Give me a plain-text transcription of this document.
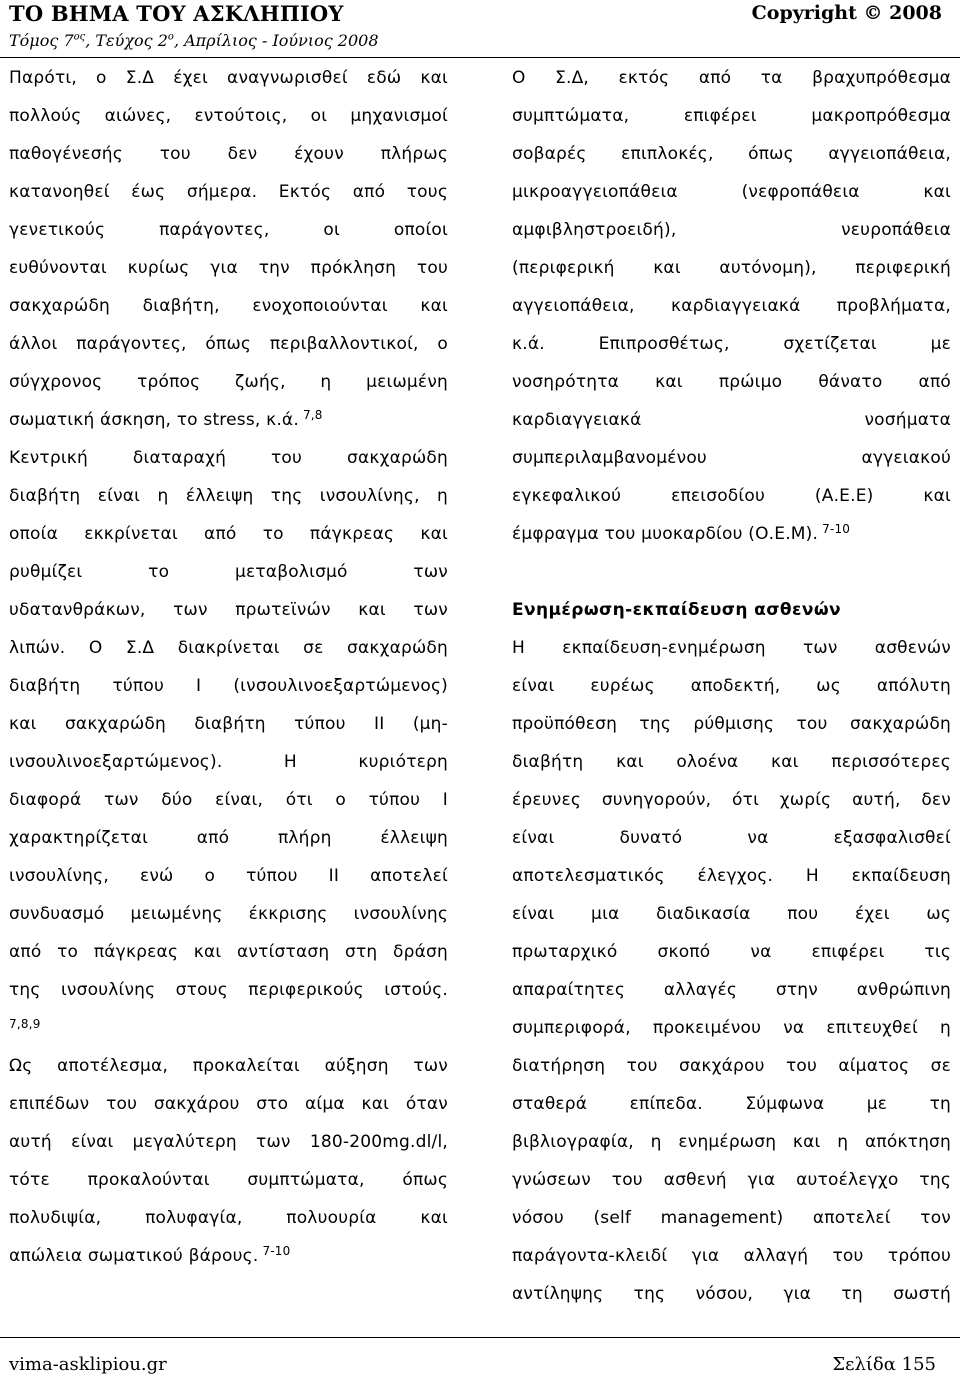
ΤΟ ΒΗΜΑ ΤΟΥ ΑΣΚΛΗΠΙΟΥ
Τόμος $7^{o\varsigma}$, Τεύχος $2^o$, Απρίλιος - Ιούνιος 2008
Copyright © 2008
Παρότι, ο Σ.Δ έχει αναγνωρισθεί εδώ και
πολλούς αιώνες, εντούτοις, οι μηχανισμοί
παθογένεσής του δεν έχουν πλήρως
κατανοηθεί έως σήμερα. Εκτός από τους
γενετικούς παράγοντες, οι οποίοι
ευθύνονται κυρίως για την πρόκληση του
σακχαρώδη διαβήτη, ενοχοποιούνται και
άλλοι παράγοντες, όπως περιβαλλοντικοί, ο
σύγχρονος τρόπος ζωής, η μειωμένη
σωματική άσκηση, το stress, κ.ά. $^{7,8}$
Κεντρική διαταραχή του σακχαρώδη
διαβήτη είναι η έλλειψη της ινσουλίνης, η
οποία εκκρίνεται από το πάγκρεας και
ρυθμίζει το μεταβολισμό των
υδατανθράκων, των πρωτεϊνών και των
λιπών. Ο Σ.Δ διακρίνεται σε σακχαρώδη
διαβήτη τύπου Ι (ινσουλινοεξαρτώμενος)
και σακχαρώδη διαβήτη τύπου ΙΙ (μη-
ινσουλινοεξαρτώμενος). Η κυριότερη
διαφορά των δύο είναι, ότι ο τύπου Ι
χαρακτηρίζεται από πλήρη έλλειψη
ινσουλίνης, ενώ ο τύπου ΙΙ αποτελεί
συνδυασμό μειωμένης έκκρισης ινσουλίνης
από το πάγκρεας και αντίσταση στη δράση
της ινσουλίνης στους περιφερικούς ιστούς.
7,8,9
Ως αποτέλεσμα, προκαλείται αύξηση των
επιπέδων του σακχάρου στο αίμα και όταν
αυτή είναι μεγαλύτερη των 180-200mg.dl/l,
τότε προκαλούνται συμπτώματα, όπως
πολυδιψία, πολυφαγία, πολυουρία και
απώλεια σωματικού βάρους. $^{7-10}$
Ο Σ.Δ, εκτός από τα βραχυπρόθεσμα
συμπτώματα, επιφέρει μακροπρόθεσμα
σοβαρές επιπλοκές, όπως αγγειοπάθεια,
μικροαγγειοπάθεια (νεφροπάθεια και
αμφιβληστροειδή), νευροπάθεια
(περιφερική και αυτόνομη), περιφερική
αγγειοπάθεια, καρδιαγγειακά προβλήματα,
κ.ά. Επιπροσθέτως, σχετίζεται με
νοσηρότητα και πρώιμο θάνατο από
καρδιαγγειακά νοσήματα
συμπεριλαμβανομένου αγγειακού
εγκεφαλικού επεισοδίου (Α.Ε.Ε) και
έμφραγμα του μυοκαρδίου (Ο.Ε.Μ). $^{7-10}$
Ενημέρωση-εκπαίδευση ασθενών
Η εκπαίδευση-ενημέρωση των ασθενών
είναι ευρέως αποδεκτή, ως απόλυτη
προϋπόθεση της ρύθμισης του σακχαρώδη
διαβήτη και ολοένα και περισσότερες
έρευνες συνηγορούν, ότι χωρίς αυτή, δεν
είναι δυνατό να εξασφαλισθεί
αποτελεσματικός έλεγχος. Η εκπαίδευση
είναι μια διαδικασία που έχει ως
πρωταρχικό σκοπό να επιφέρει τις
απαραίτητες αλλαγές στην ανθρώπινη
συμπεριφορά, προκειμένου να επιτευχθεί η
διατήρηση του σακχάρου του αίματος σε
σταθερά επίπεδα. Σύμφωνα με τη
βιβλιογραφία, η ενημέρωση και η απόκτηση
γνώσεων του ασθενή για αυτοέλεγχο της
νόσου (self management) αποτελεί τον
παράγοντα-κλειδί για αλλαγή του τρόπου
αντίληψης της νόσου, για τη σωστή
vima-asklipiou.gr	Σελίδα 155
